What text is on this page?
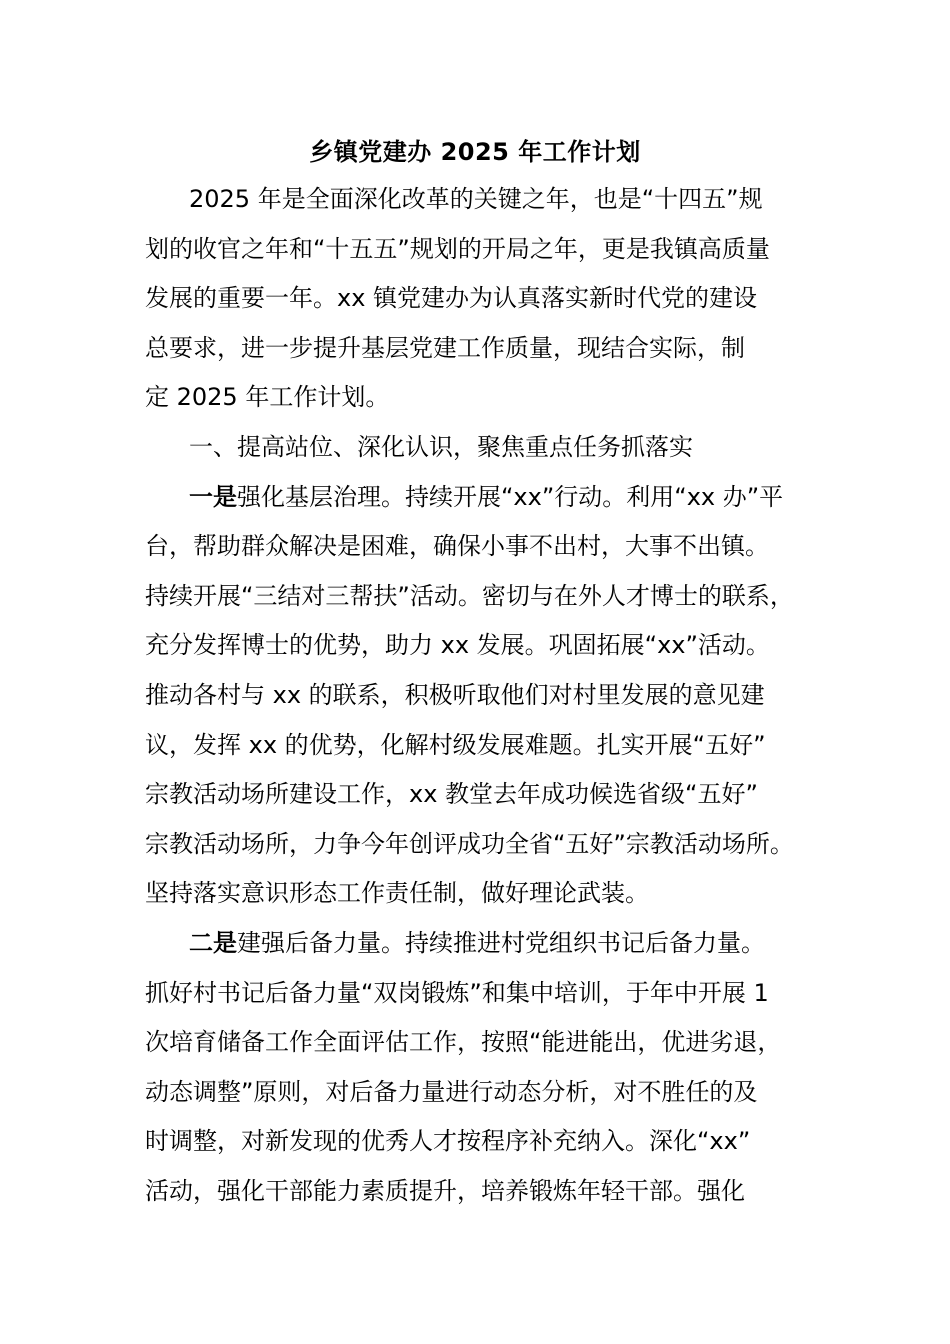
乡镇党建办 2025 年工作计划
2025 年是全面深化改革的关键之年，也是“十四五”规
划的收官之年和“十五五”规划的开局之年，更是我镇高质量
发展的重要一年。xx 镇党建办为认真落实新时代党的建设
总要求，进一步提升基层党建工作质量，现结合实际，制
定 2025 年工作计划。
一、提高站位、深化认识，聚焦重点任务抓落实
一是强化基层治理。持续开展“xx”行动。利用“xx 办”平
台，帮助群众解决是困难，确保小事不出村，大事不出镇。
持续开展“三结对三帮扶”活动。密切与在外人才博士的联系，
充分发挥博士的优势，助力 xx 发展。巩固拓展“xx”活动。
推动各村与 xx 的联系，积极听取他们对村里发展的意见建
议，发挥 xx 的优势，化解村级发展难题。扎实开展“五好”
宗教活动场所建设工作，xx 教堂去年成功候选省级“五好”
宗教活动场所，力争今年创评成功全省“五好”宗教活动场所。
坚持落实意识形态工作责任制，做好理论武装。
二是建强后备力量。持续推进村党组织书记后备力量。
抓好村书记后备力量“双岗锻炼”和集中培训，于年中开展 1
次培育储备工作全面评估工作，按照“能进能出，优进劣退，
动态调整”原则，对后备力量进行动态分析，对不胜任的及
时调整，对新发现的优秀人才按程序补充纳入。深化“xx”
活动，强化干部能力素质提升，培养锻炼年轻干部。强化
